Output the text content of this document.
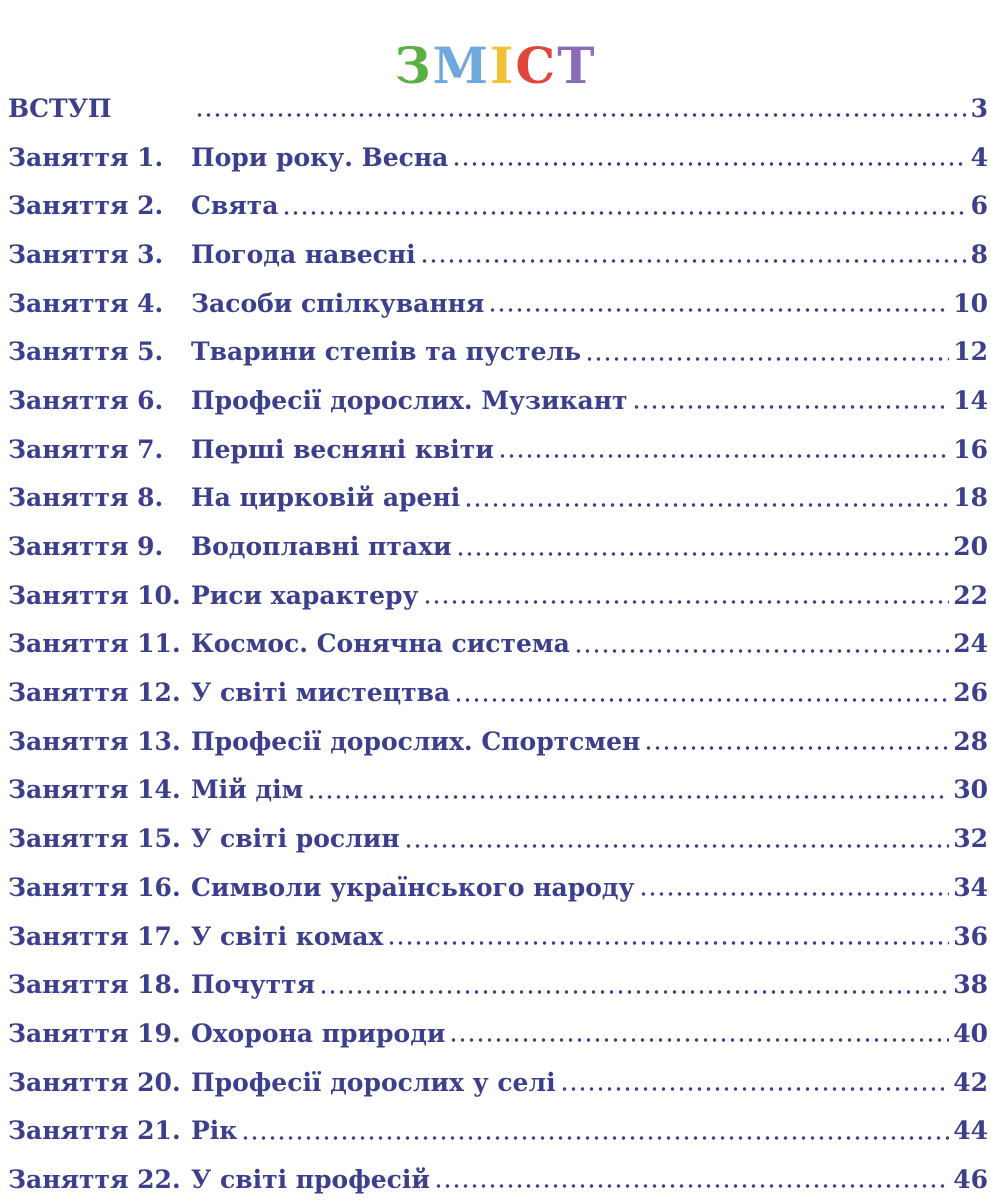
ЗМІСТ
ВСТУП	3
Заняття 1.	Пори року. Весна	4
Заняття 2.	Свята	6
Заняття 3.	Погода навесні	8
Заняття 4.	Засоби спілкування	10
Заняття 5.	Тварини степів та пустель	12
Заняття 6.	Професії дорослих. Музикант	14
Заняття 7.	Перші весняні квіти	16
Заняття 8.	На цирковій арені	18
Заняття 9.	Водоплавні птахи	20
Заняття 10. Риси характеру	22
Заняття 11. Космос. Сонячна система	24
Заняття 12. У світі мистецтва	26
Заняття 13. Професії дорослих. Спортсмен	28
Заняття 14. Мій дім	30
Заняття 15. У світі рослин	32
Заняття 16. Символи українського народу	34
Заняття 17. У світі комах	36
Заняття 18. Почуття	38
Заняття 19. Охорона природи	40
Заняття 20. Професії дорослих у селі	42
Заняття 21. Рік	44
Заняття 22. У світі професій	46
